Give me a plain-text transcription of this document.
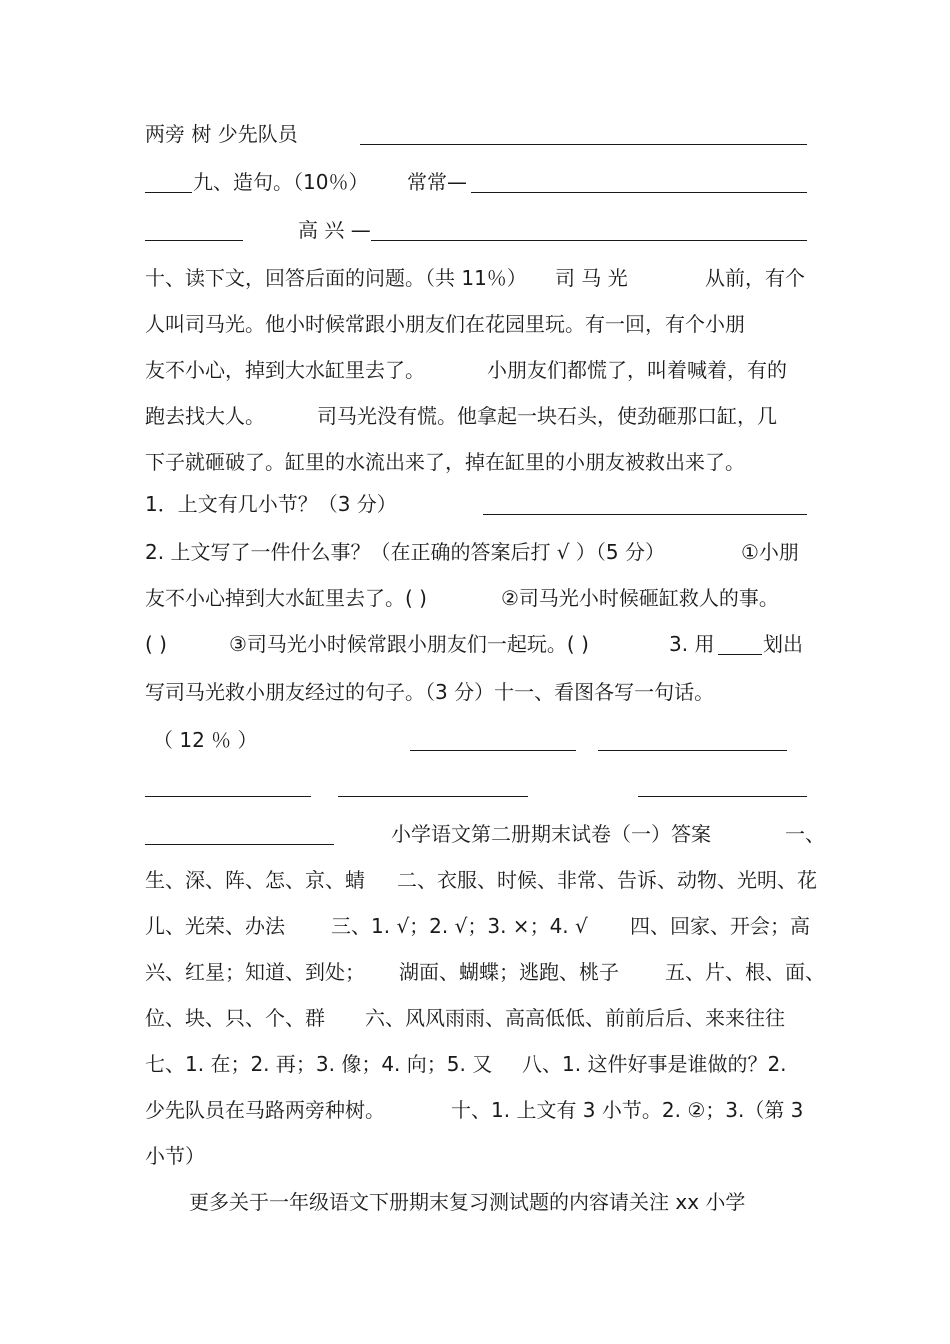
两旁 树 少先队员
九、造句。（10％） 常常—
高 兴 —
十、读下文，回答后面的问题。（共 11％） 司 马 光	从前，有个
人叫司马光。他小时候常跟小朋友们在花园里玩。有一回，有个小朋
友不小心，掉到大水缸里去了。	小朋友们都慌了，叫着喊着，有的
跑去找大人。	司马光没有慌。他拿起一块石头，使劲砸那口缸，几
下子就砸破了。缸里的水流出来了，掉在缸里的小朋友被救出来了。
1．上文有几小节？（3 分）
2. 上文写了一件什么事？（在正确的答案后打 √ ）（5 分）	①小朋
友不小心掉到大水缸里去了。( )	②司马光小时候砸缸救人的事。
( )	③司马光小时候常跟小朋友们一起玩。( )	3. 用 划出
写司马光救小朋友经过的句子。（3 分）十一、看图各写一句话。
（ 12 ％ ）
小学语文第二册期末试卷（一）答案	一、
生、深、阵、怎、京、蜻 二、衣服、时候、非常、告诉、动物、光明、花
儿、光荣、办法 三、1. √；2. √；3. ×；4. √ 四、回家、开会；高
兴、红星；知道、到处； 湖面、蝴蝶；逃跑、桃子 五、片、根、面、
位、块、只、个、群 六、风风雨雨、高高低低、前前后后、来来往往
七、1. 在；2. 再；3. 像；4. 向；5. 又 八、1. 这件好事是谁做的？2.
少先队员在马路两旁种树。	十、1. 上文有 3 小节。2. ②；3.（第 3
小节）
更多关于一年级语文下册期末复习测试题的内容请关注 xx 小学
